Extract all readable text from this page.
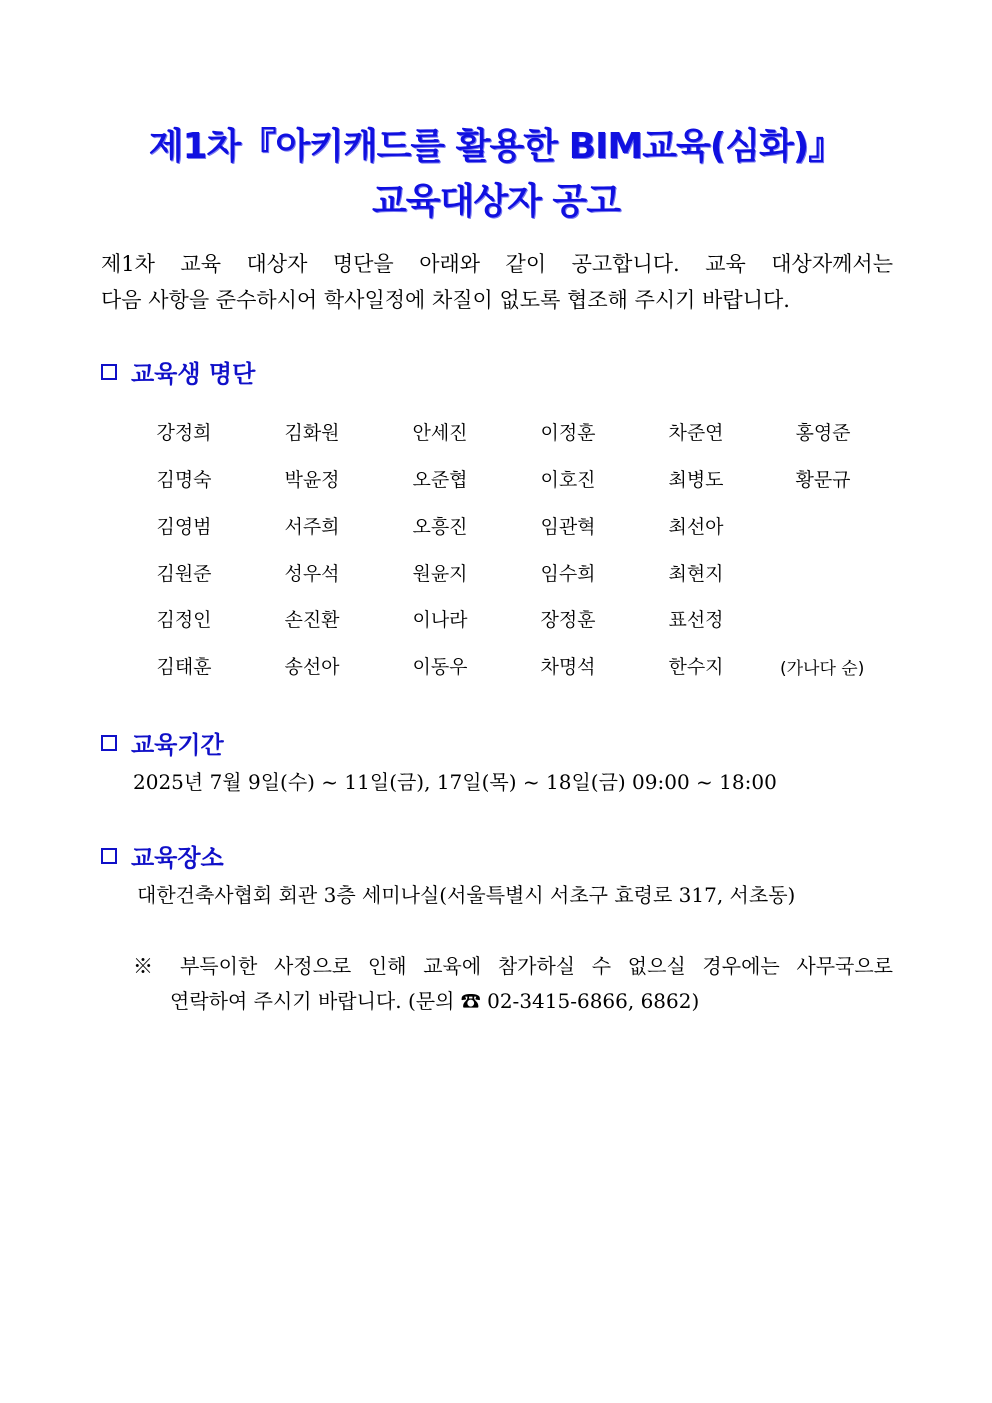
제1차『아키캐드를 활용한 BIM교육(심화)』
교육대상자 공고
제1차 교육 대상자 명단을 아래와 같이 공고합니다. 교육 대상자께서는
다음 사항을 준수하시어 학사일정에 차질이 없도록 협조해 주시기 바랍니다.
교육생 명단
강정희
김명숙
김영범
김원준
김정인
김태훈
김화원
박윤정
서주희
성우석
손진환
송선아
안세진
오준협
오흥진
원윤지
이나라
이동우
이정훈
이호진
임관혁
임수희
장정훈
차명석
차준연
최병도
최선아
최현지
표선정
한수지
홍영준
황문규
(가나다 순)
교육기간
2025년 7월 9일(수) ~ 11일(금), 17일(목) ~ 18일(금) 09:00 ~ 18:00
교육장소
대한건축사협회 회관 3층 세미나실(서울특별시 서초구 효령로 317, 서초동)
※ 부득이한 사정으로 인해 교육에 참가하실 수 없으실 경우에는 사무국으로
연락하여 주시기 바랍니다. (문의 ☎ 02-3415-6866, 6862)
